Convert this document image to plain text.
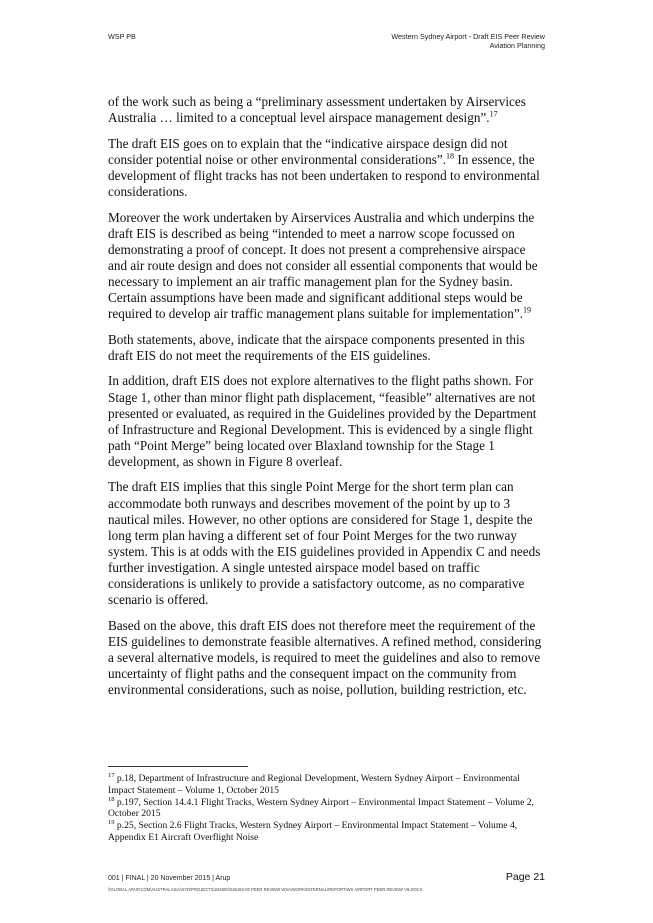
WSP PB	Western Sydney Airport - Draft EIS Peer Review
Aviation Planning

of the work such as being a “preliminary assessment undertaken by Airservices Australia … limited to a conceptual level airspace management design”.$^{17}$

The draft EIS goes on to explain that the “indicative airspace design did not consider potential noise or other environmental considerations”.$^{18}$ In essence, the development of flight tracks has not been undertaken to respond to environmental considerations.

Moreover the work undertaken by Airservices Australia and which underpins the draft EIS is described as being “intended to meet a narrow scope focussed on demonstrating a proof of concept. It does not present a comprehensive airspace and air route design and does not consider all essential components that would be necessary to implement an air traffic management plan for the Sydney basin. Certain assumptions have been made and significant additional steps would be required to develop air traffic management plans suitable for implementation”.$^{19}$

Both statements, above, indicate that the airspace components presented in this draft EIS do not meet the requirements of the EIS guidelines.

In addition, draft EIS does not explore alternatives to the flight paths shown. For Stage 1, other than minor flight path displacement, “feasible” alternatives are not presented or evaluated, as required in the Guidelines provided by the Department of Infrastructure and Regional Development. This is evidenced by a single flight path “Point Merge” being located over Blaxland township for the Stage 1 development, as shown in Figure 8 overleaf.

The draft EIS implies that this single Point Merge for the short term plan can accommodate both runways and describes movement of the point by up to 3 nautical miles. However, no other options are considered for Stage 1, despite the long term plan having a different set of four Point Merges for the two runway system. This is at odds with the EIS guidelines provided in Appendix C and needs further investigation. A single untested airspace model based on traffic considerations is unlikely to provide a satisfactory outcome, as no comparative scenario is offered.

Based on the above, this draft EIS does not therefore meet the requirement of the EIS guidelines to demonstrate feasible alternatives. A refined method, considering a several alternative models, is required to meet the guidelines and also to remove uncertainty of flight paths and the consequent impact on the community from environmental considerations, such as noise, pollution, building restriction, etc.

$^{17}$ p.18, Department of Infrastructure and Regional Development, Western Sydney Airport – Environmental Impact Statement – Volume 1, October 2015

$^{18}$ p.197, Section 14.4.1 Flight Tracks, Western Sydney Airport – Environmental Impact Statement – Volume 2, October 2015

$^{19}$ p.25, Section 2.6 Flight Tracks, Western Sydney Airport – Environmental Impact Statement – Volume 4, Appendix E1 Aircraft Overflight Noise

001 | FINAL | 20 November 2015 | Arup	Page 21
\\GLOBAL.ARUP.COM\AUSTRALASIA\SYD\PROJECTS\246000\246163-00 PEER REVIEW WSA\WORK\INTERNAL\REPORT\WS AIRPORT PEER REVIEW V9.DOCX
